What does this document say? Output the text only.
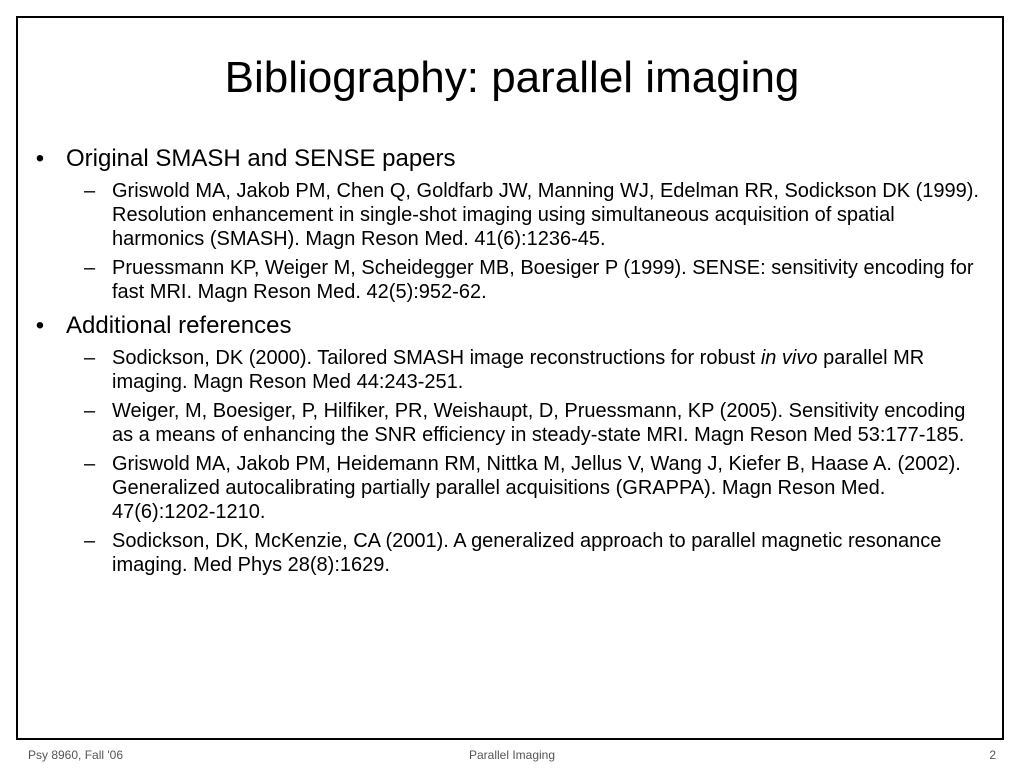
Bibliography: parallel imaging
• Original SMASH and SENSE papers
– Griswold MA, Jakob PM, Chen Q, Goldfarb JW, Manning WJ, Edelman RR, Sodickson DK (1999). Resolution enhancement in single-shot imaging using simultaneous acquisition of spatial harmonics (SMASH). Magn Reson Med. 41(6):1236-45.
– Pruessmann KP, Weiger M, Scheidegger MB, Boesiger P (1999). SENSE: sensitivity encoding for fast MRI. Magn Reson Med. 42(5):952-62.
• Additional references
– Sodickson, DK (2000). Tailored SMASH image reconstructions for robust in vivo parallel MR imaging. Magn Reson Med 44:243-251.
– Weiger, M, Boesiger, P, Hilfiker, PR, Weishaupt, D, Pruessmann, KP (2005). Sensitivity encoding as a means of enhancing the SNR efficiency in steady-state MRI. Magn Reson Med 53:177-185.
– Griswold MA, Jakob PM, Heidemann RM, Nittka M, Jellus V, Wang J, Kiefer B, Haase A. (2002). Generalized autocalibrating partially parallel acquisitions (GRAPPA). Magn Reson Med. 47(6):1202-1210.
– Sodickson, DK, McKenzie, CA (2001). A generalized approach to parallel magnetic resonance imaging. Med Phys 28(8):1629.
Psy 8960, Fall '06	Parallel Imaging	2
